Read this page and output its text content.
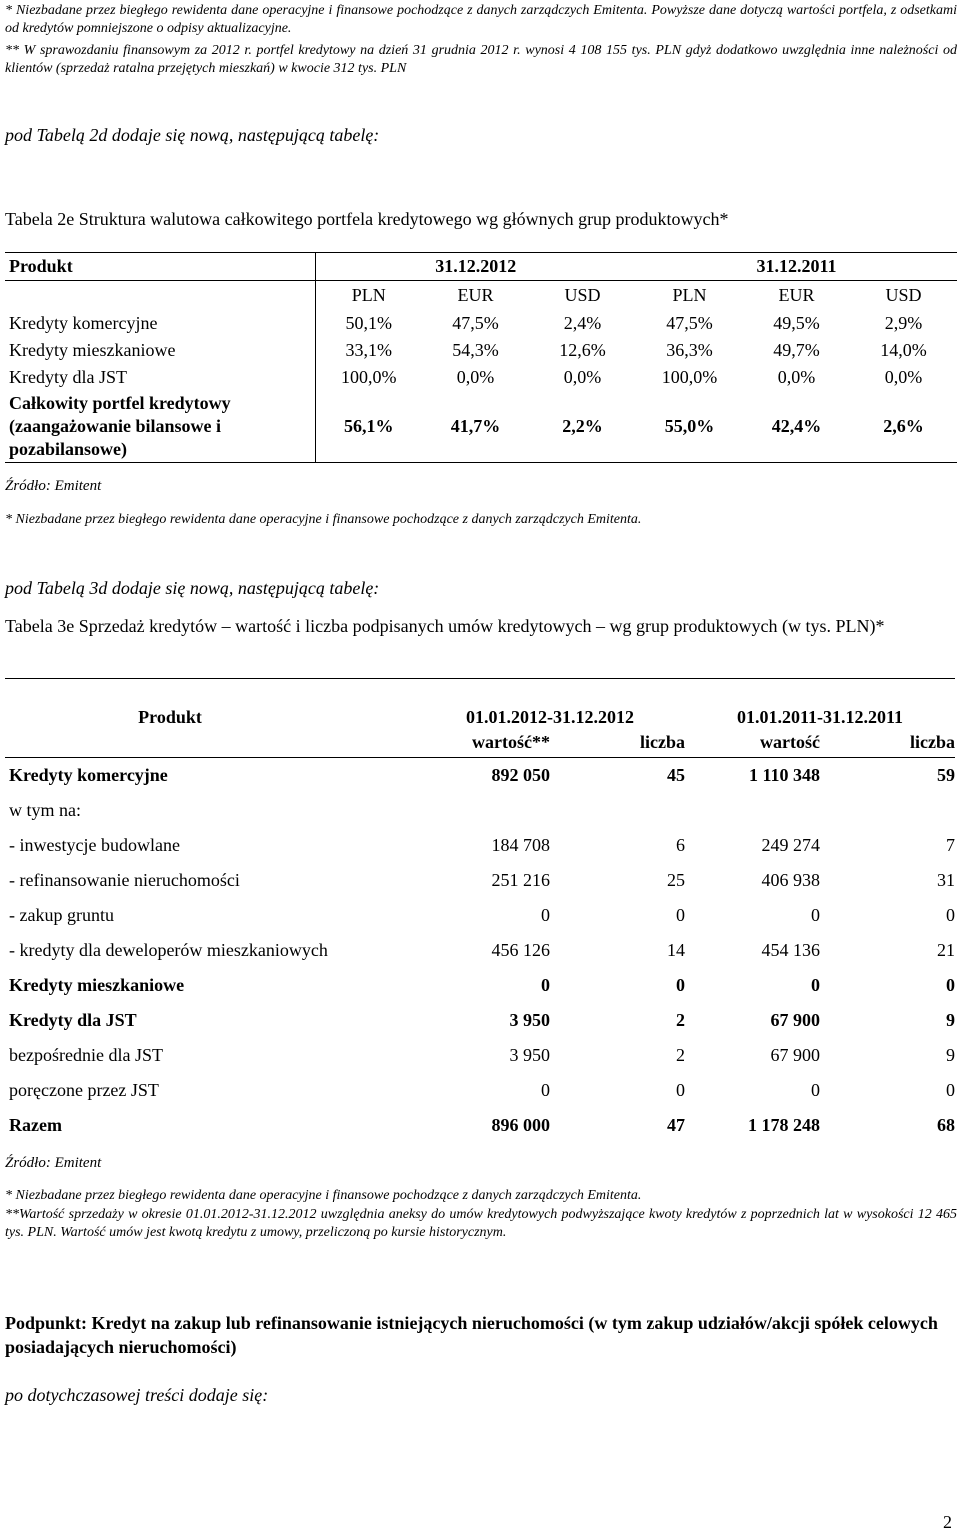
* Niezbadane przez biegłego rewidenta dane operacyjne i finansowe pochodzące z danych zarządczych Emitenta. Powyższe dane dotyczą wartości portfela, z odsetkami od kredytów pomniejszone o odpisy aktualizacyjne.
** W sprawozdaniu finansowym za 2012 r. portfel kredytowy na dzień 31 grudnia 2012 r. wynosi 4 108 155 tys. PLN gdyż dodatkowo uwzględnia inne należności od klientów (sprzedaż ratalna przejętych mieszkań) w kwocie 312 tys. PLN
pod Tabelą 2d dodaje się nową, następującą tabelę:
Tabela 2e Struktura walutowa całkowitego portfela kredytowego wg głównych grup produktowych*
Produkt	31.12.2012			31.12.2011		
	PLN	EUR	USD	PLN	EUR	USD
Kredyty komercyjne	50,1%	47,5%	2,4%	47,5%	49,5%	2,9%
Kredyty mieszkaniowe	33,1%	54,3%	12,6%	36,3%	49,7%	14,0%
Kredyty dla JST	100,0%	0,0%	0,0%	100,0%	0,0%	0,0%

Całkowity portfel kredytowy
(zaangażowanie bilansowe i
pozabilansowe)	56,1%	41,7%	2,2%	55,0%	42,4%	2,6%
Źródło: Emitent
* Niezbadane przez biegłego rewidenta dane operacyjne i finansowe pochodzące z danych zarządczych Emitenta.
pod Tabelą 3d dodaje się nową, następującą tabelę:
Tabela 3e Sprzedaż kredytów – wartość i liczba podpisanych umów kredytowych – wg grup produktowych (w tys. PLN)*
Produkt	01.01.2012-31.12.2012		01.01.2011-31.12.2011	
	wartość**	liczba	wartość	liczba
Kredyty komercyjne	892 050	45	1 110 348	59
w tym na:				
- inwestycje budowlane	184 708	6	249 274	7
- refinansowanie nieruchomości	251 216	25	406 938	31
- zakup gruntu	0	0	0	0
- kredyty dla deweloperów mieszkaniowych	456 126	14	454 136	21
Kredyty mieszkaniowe	0	0	0	0
Kredyty dla JST	3 950	2	67 900	9
bezpośrednie dla JST	3 950	2	67 900	9
poręczone przez JST	0	0	0	0
Razem	896 000	47	1 178 248	68
Źródło: Emitent
* Niezbadane przez biegłego rewidenta dane operacyjne i finansowe pochodzące z danych zarządczych Emitenta.
**Wartość sprzedaży w okresie 01.01.2012-31.12.2012 uwzględnia aneksy do umów kredytowych podwyższające kwoty kredytów z poprzednich lat w wysokości 12 465 tys. PLN. Wartość umów jest kwotą kredytu z umowy, przeliczoną po kursie historycznym.
Podpunkt: Kredyt na zakup lub refinansowanie istniejących nieruchomości (w tym zakup udziałów/akcji spółek celowych posiadających nieruchomości)
po dotychczasowej treści dodaje się:
2
